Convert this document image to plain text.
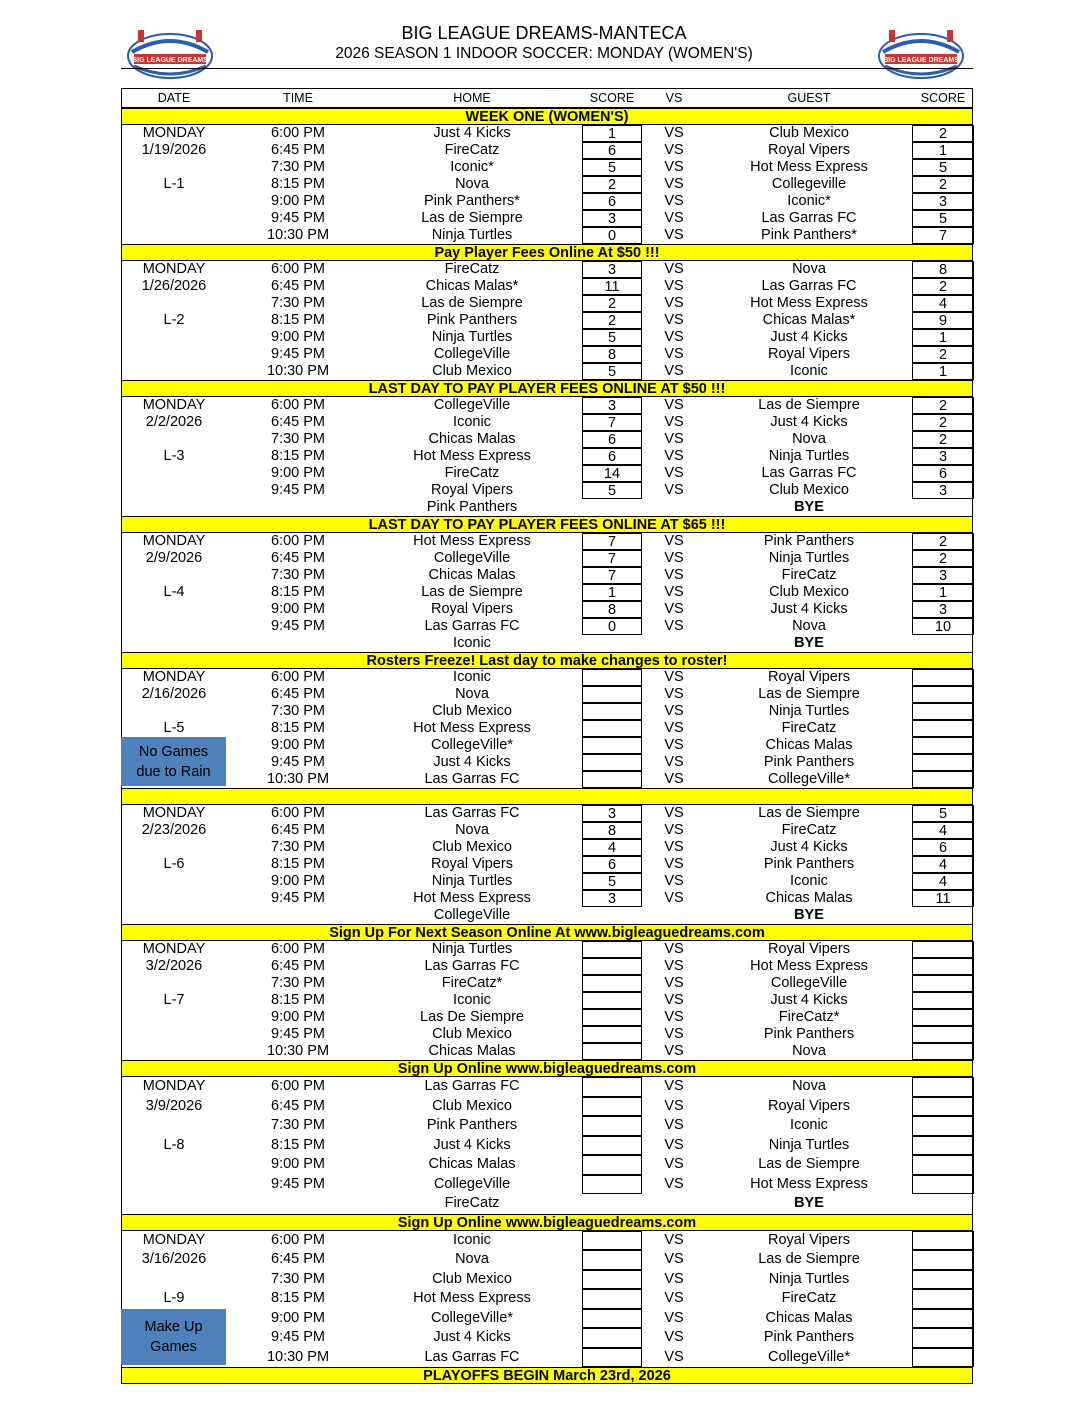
BIG LEAGUE DREAMS-MANTECA
2026 SEASON 1 INDOOR SOCCER: MONDAY (WOMEN'S)
BIG LEAGUE DREAMS	BIG LEAGUE DREAMS
DATE	TIME	HOME	SCORE	VS	GUEST	SCORE
WEEK ONE (WOMEN'S)
MONDAY	6:00 PM	Just 4 Kicks	1	VS	Club Mexico	2
1/19/2026	6:45 PM	FireCatz	6	VS	Royal Vipers	1
7:30 PM	Iconic*	5	VS	Hot Mess Express	5
L-1	8:15 PM	Nova	2	VS	Collegeville	2
9:00 PM	Pink Panthers*	6	VS	Iconic*	3
9:45 PM	Las de Siempre	3	VS	Las Garras FC	5
10:30 PM	Ninja Turtles	0	VS	Pink Panthers*	7
Pay Player Fees Online At $50 !!!
MONDAY	6:00 PM	FireCatz	3	VS	Nova	8
1/26/2026	6:45 PM	Chicas Malas*	11	VS	Las Garras FC	2
7:30 PM	Las de Siempre	2	VS	Hot Mess Express	4
L-2	8:15 PM	Pink Panthers	2	VS	Chicas Malas*	9
9:00 PM	Ninja Turtles	5	VS	Just 4 Kicks	1
9:45 PM	CollegeVille	8	VS	Royal Vipers	2
10:30 PM	Club Mexico	5	VS	Iconic	1
LAST DAY TO PAY PLAYER FEES ONLINE AT $50 !!!
MONDAY	6:00 PM	CollegeVille	3	VS	Las de Siempre	2
2/2/2026	6:45 PM	Iconic	7	VS	Just 4 Kicks	2
7:30 PM	Chicas Malas	6	VS	Nova	2
L-3	8:15 PM	Hot Mess Express	6	VS	Ninja Turtles	3
9:00 PM	FireCatz	14	VS	Las Garras FC	6
9:45 PM	Royal Vipers	5	VS	Club Mexico	3
Pink Panthers	BYE
LAST DAY TO PAY PLAYER FEES ONLINE AT $65 !!!
MONDAY	6:00 PM	Hot Mess Express	7	VS	Pink Panthers	2
2/9/2026	6:45 PM	CollegeVille	7	VS	Ninja Turtles	2
7:30 PM	Chicas Malas	7	VS	FireCatz	3
L-4	8:15 PM	Las de Siempre	1	VS	Club Mexico	1
9:00 PM	Royal Vipers	8	VS	Just 4 Kicks	3
9:45 PM	Las Garras FC	0	VS	Nova	10
Iconic	BYE
Rosters Freeze! Last day to make changes to roster!
MONDAY	6:00 PM	Iconic	VS	Royal Vipers
2/16/2026	6:45 PM	Nova	VS	Las de Siempre
7:30 PM	Club Mexico	VS	Ninja Turtles
L-5	8:15 PM	Hot Mess Express	VS	FireCatz
9:00 PM	CollegeVille*	VS	Chicas Malas
9:45 PM	Just 4 Kicks	VS	Pink Panthers
10:30 PM	Las Garras FC	VS	CollegeVille*
No Games
due to Rain
MONDAY	6:00 PM	Las Garras FC	3	VS	Las de Siempre	5
2/23/2026	6:45 PM	Nova	8	VS	FireCatz	4
7:30 PM	Club Mexico	4	VS	Just 4 Kicks	6
L-6	8:15 PM	Royal Vipers	6	VS	Pink Panthers	4
9:00 PM	Ninja Turtles	5	VS	Iconic	4
9:45 PM	Hot Mess Express	3	VS	Chicas Malas	11
CollegeVille	BYE
Sign Up For Next Season Online At www.bigleaguedreams.com
MONDAY	6:00 PM	Ninja Turtles	VS	Royal Vipers
3/2/2026	6:45 PM	Las Garras FC	VS	Hot Mess Express
7:30 PM	FireCatz*	VS	CollegeVille
L-7	8:15 PM	Iconic	VS	Just 4 Kicks
9:00 PM	Las De Siempre	VS	FireCatz*
9:45 PM	Club Mexico	VS	Pink Panthers
10:30 PM	Chicas Malas	VS	Nova
Sign Up Online www.bigleaguedreams.com
MONDAY	6:00 PM	Las Garras FC	VS	Nova
3/9/2026	6:45 PM	Club Mexico	VS	Royal Vipers
7:30 PM	Pink Panthers	VS	Iconic
L-8	8:15 PM	Just 4 Kicks	VS	Ninja Turtles
9:00 PM	Chicas Malas	VS	Las de Siempre
9:45 PM	CollegeVille	VS	Hot Mess Express
FireCatz	BYE
Sign Up Online www.bigleaguedreams.com
MONDAY	6:00 PM	Iconic	VS	Royal Vipers
3/16/2026	6:45 PM	Nova	VS	Las de Siempre
7:30 PM	Club Mexico	VS	Ninja Turtles
L-9	8:15 PM	Hot Mess Express	VS	FireCatz
9:00 PM	CollegeVille*	VS	Chicas Malas
9:45 PM	Just 4 Kicks	VS	Pink Panthers
10:30 PM	Las Garras FC	VS	CollegeVille*
Make Up
Games
PLAYOFFS BEGIN March 23rd, 2026
